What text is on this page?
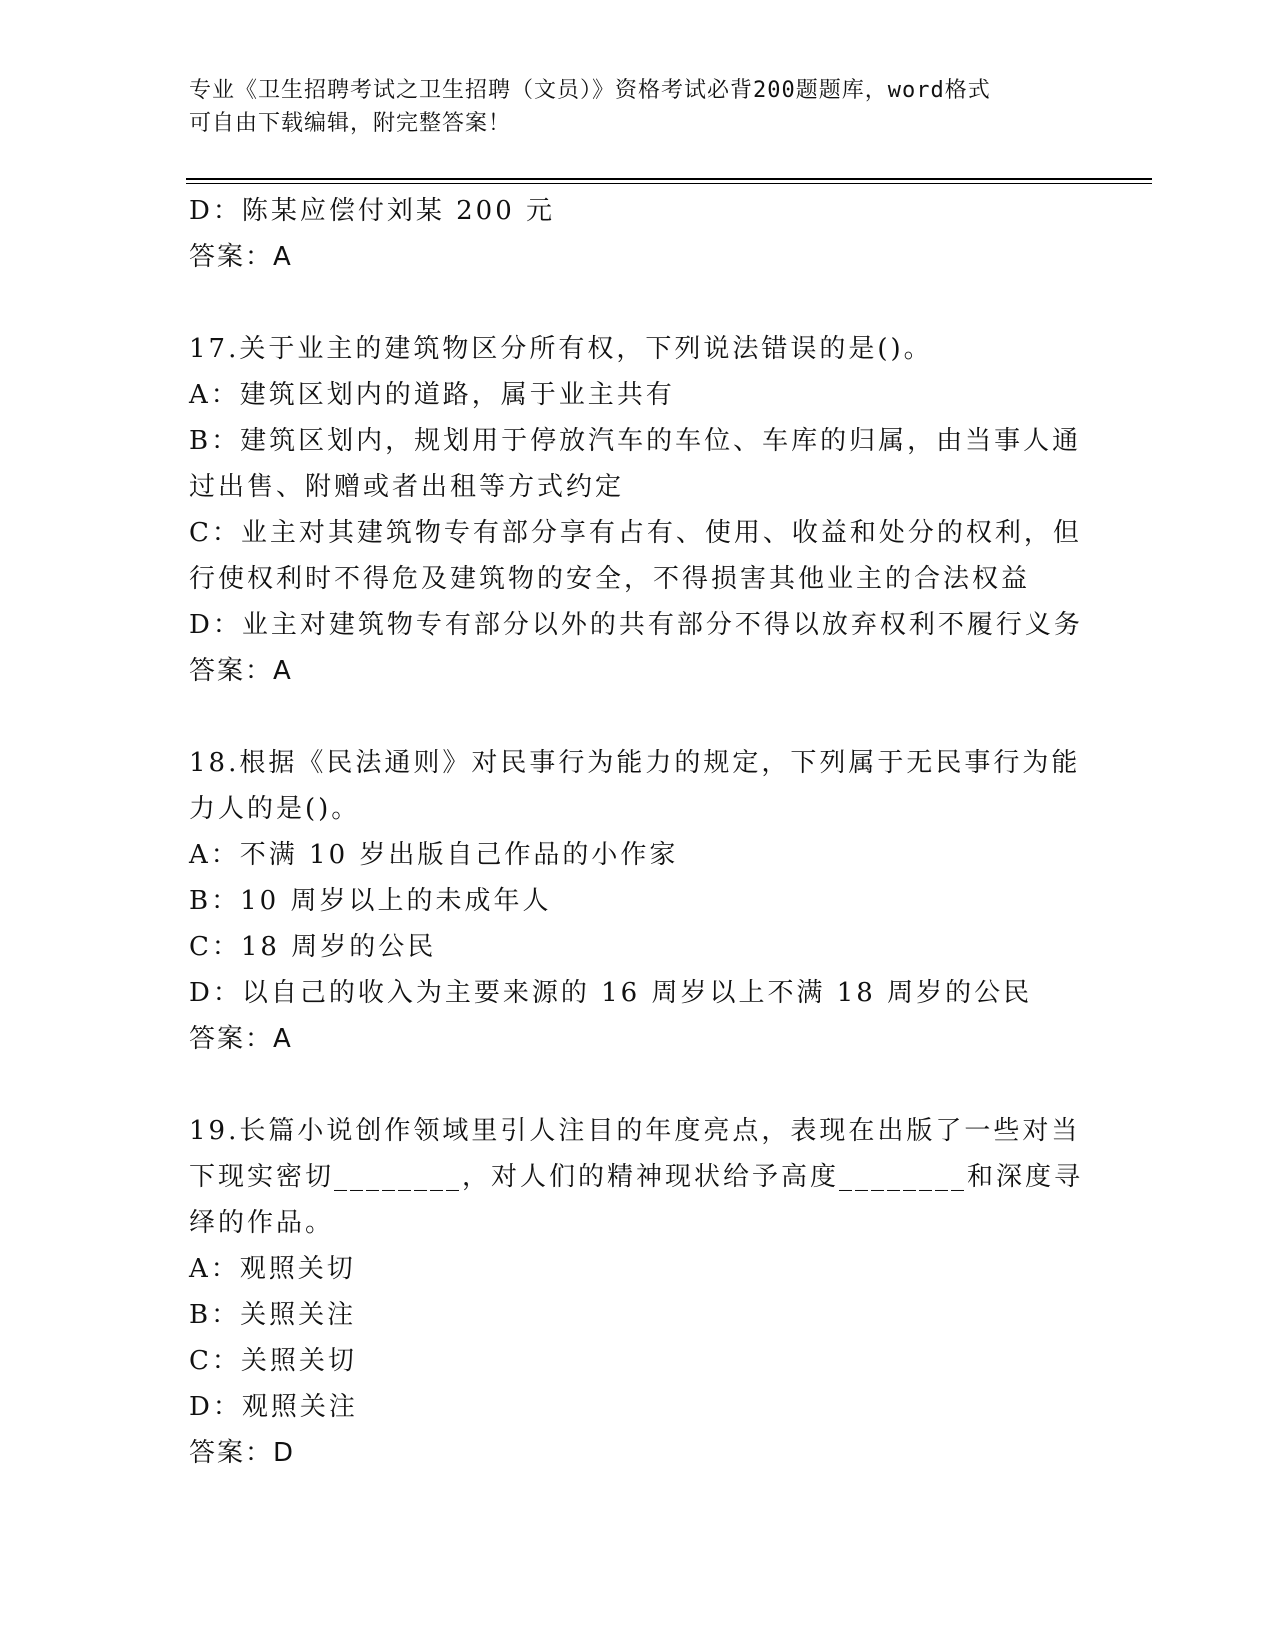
专业《卫生招聘考试之卫生招聘（文员）》资格考试必背200题题库，word格式
可自由下载编辑，附完整答案！
D：陈某应偿付刘某 200 元
答案：A
17.关于业主的建筑物区分所有权，下列说法错误的是()。
A：建筑区划内的道路，属于业主共有
B：建筑区划内，规划用于停放汽车的车位、车库的归属，由当事人通
过出售、附赠或者出租等方式约定
C：业主对其建筑物专有部分享有占有、使用、收益和处分的权利，但
行使权利时不得危及建筑物的安全，不得损害其他业主的合法权益
D：业主对建筑物专有部分以外的共有部分不得以放弃权利不履行义务
答案：A
18.根据《民法通则》对民事行为能力的规定，下列属于无民事行为能
力人的是()。
A：不满 10 岁出版自己作品的小作家
B：10 周岁以上的未成年人
C：18 周岁的公民
D：以自己的收入为主要来源的 16 周岁以上不满 18 周岁的公民
答案：A
19.长篇小说创作领域里引人注目的年度亮点，表现在出版了一些对当
下现实密切________，对人们的精神现状给予高度________和深度寻
绎的作品。
A：观照关切
B：关照关注
C：关照关切
D：观照关注
答案：D
